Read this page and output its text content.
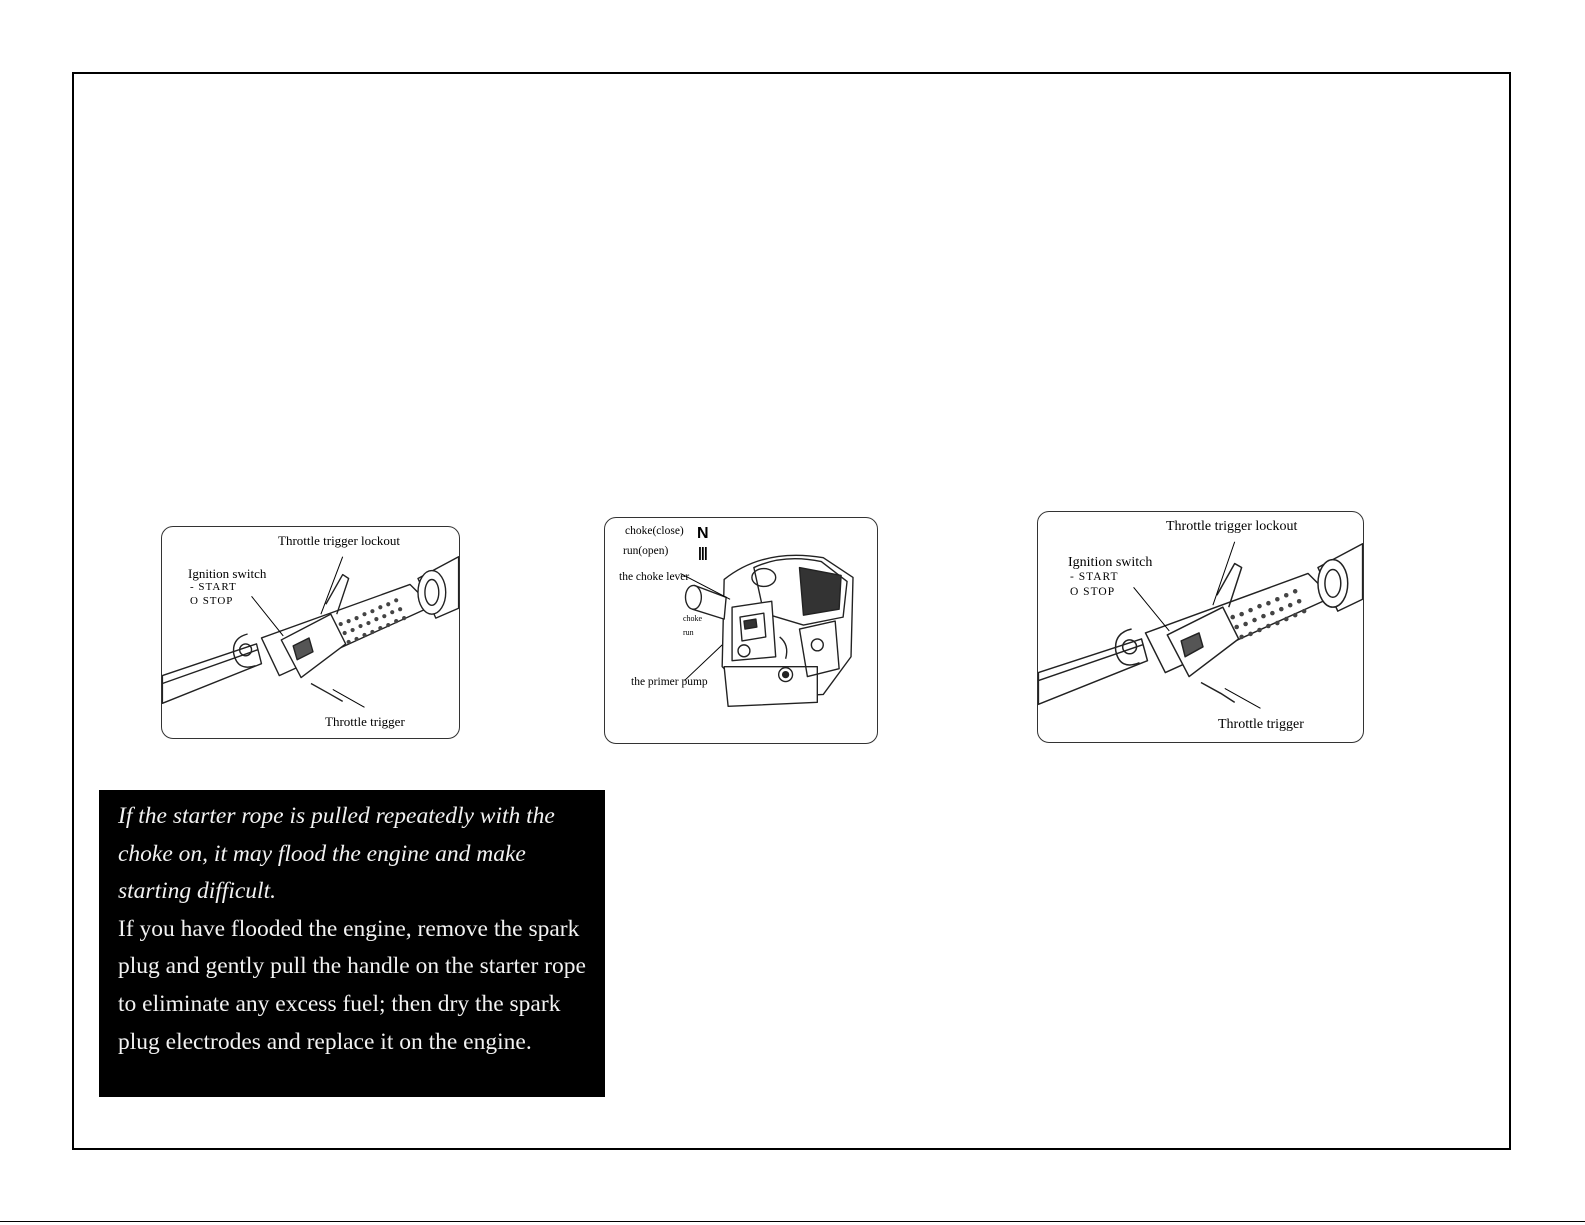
Throttle trigger lockout
Ignition switch
- START
O STOP
Throttle trigger
choke(close)
run(open)
N
|||
the choke lever
choke
run
the primer pump
Throttle trigger lockout
Ignition switch
- START
O STOP
Throttle trigger
If the starter rope is pulled repeatedly with the choke on, it may flood the engine and make starting difficult.
If you have flooded the engine, remove the spark plug and gently pull the handle on the starter rope to eliminate any excess fuel; then dry the spark plug electrodes and replace it on the engine.
